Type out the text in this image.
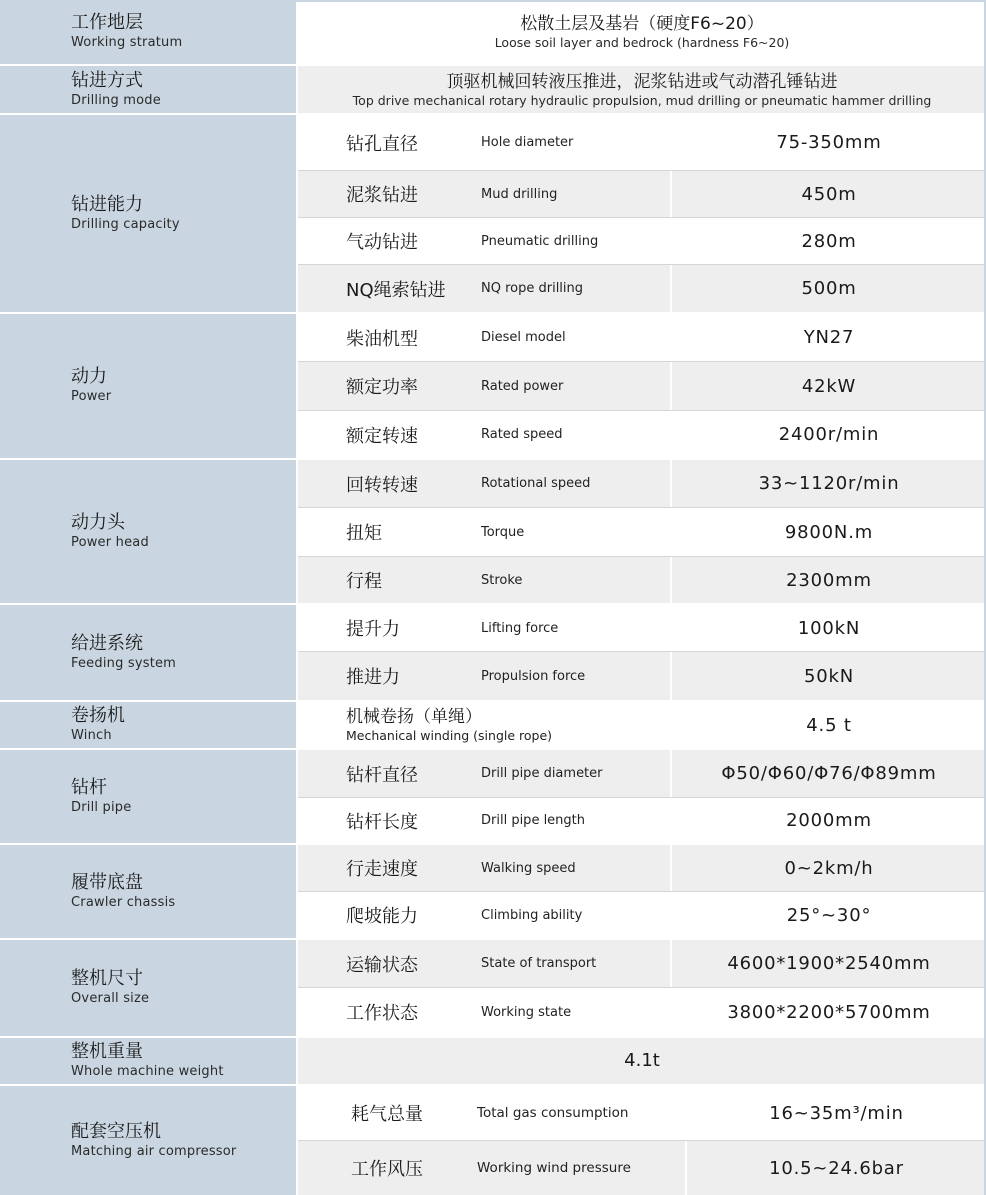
工作地层
Working stratum
松散土层及基岩（硬度F6~20）
Loose soil layer and bedrock (hardness F6~20)
钻进方式
Drilling mode
顶驱机械回转液压推进，泥浆钻进或气动潜孔锤钻进
Top drive mechanical rotary hydraulic propulsion, mud drilling or pneumatic hammer drilling
钻进能力
Drilling capacity
钻孔直径	Hole diameter	75-350mm
泥浆钻进	Mud drilling	450m
气动钻进	Pneumatic drilling	280m
NQ绳索钻进	NQ rope drilling	500m
动力
Power
柴油机型	Diesel model	YN27
额定功率	Rated power	42kW
额定转速	Rated speed	2400r/min
动力头
Power head
回转转速	Rotational speed	33~1120r/min
扭矩	Torque	9800N.m
行程	Stroke	2300mm
给进系统
Feeding system
提升力	Lifting force	100kN
推进力	Propulsion force	50kN
卷扬机
Winch
机械卷扬（单绳）
Mechanical winding (single rope)	4.5 t
钻杆
Drill pipe
钻杆直径	Drill pipe diameter	Φ50/Φ60/Φ76/Φ89mm
钻杆长度	Drill pipe length	2000mm
履带底盘
Crawler chassis
行走速度	Walking speed	0~2km/h
爬坡能力	Climbing ability	25°~30°
整机尺寸
Overall size
运输状态	State of transport	4600*1900*2540mm
工作状态	Working state	3800*2200*5700mm
整机重量
Whole machine weight
4.1t
配套空压机
Matching air compressor
耗气总量	Total gas consumption	16~35m³/min
工作风压	Working wind pressure	10.5~24.6bar
